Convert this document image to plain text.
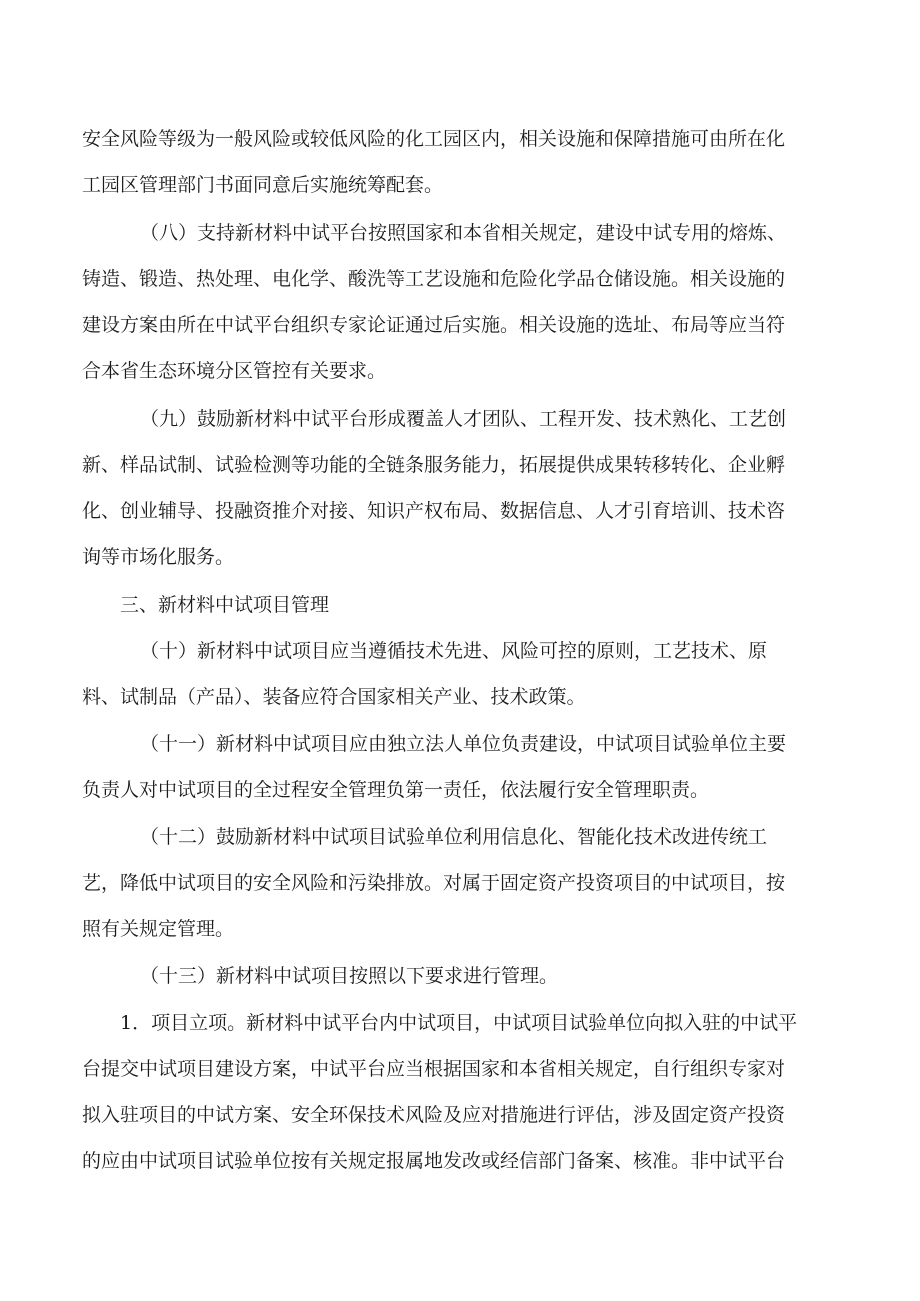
安全风险等级为一般风险或较低风险的化工园区内，相关设施和保障措施可由所在化
工园区管理部门书面同意后实施统筹配套。
（八）支持新材料中试平台按照国家和本省相关规定，建设中试专用的熔炼、
铸造、锻造、热处理、电化学、酸洗等工艺设施和危险化学品仓储设施。相关设施的
建设方案由所在中试平台组织专家论证通过后实施。相关设施的选址、布局等应当符
合本省生态环境分区管控有关要求。
（九）鼓励新材料中试平台形成覆盖人才团队、工程开发、技术熟化、工艺创
新、样品试制、试验检测等功能的全链条服务能力，拓展提供成果转移转化、企业孵
化、创业辅导、投融资推介对接、知识产权布局、数据信息、人才引育培训、技术咨
询等市场化服务。
三、新材料中试项目管理
（十）新材料中试项目应当遵循技术先进、风险可控的原则，工艺技术、原
料、试制品（产品）、装备应符合国家相关产业、技术政策。
（十一）新材料中试项目应由独立法人单位负责建设，中试项目试验单位主要
负责人对中试项目的全过程安全管理负第一责任，依法履行安全管理职责。
（十二）鼓励新材料中试项目试验单位利用信息化、智能化技术改进传统工
艺，降低中试项目的安全风险和污染排放。对属于固定资产投资项目的中试项目，按
照有关规定管理。
（十三）新材料中试项目按照以下要求进行管理。
1．项目立项。新材料中试平台内中试项目，中试项目试验单位向拟入驻的中试平
台提交中试项目建设方案，中试平台应当根据国家和本省相关规定，自行组织专家对
拟入驻项目的中试方案、安全环保技术风险及应对措施进行评估，涉及固定资产投资
的应由中试项目试验单位按有关规定报属地发改或经信部门备案、核准。非中试平台
